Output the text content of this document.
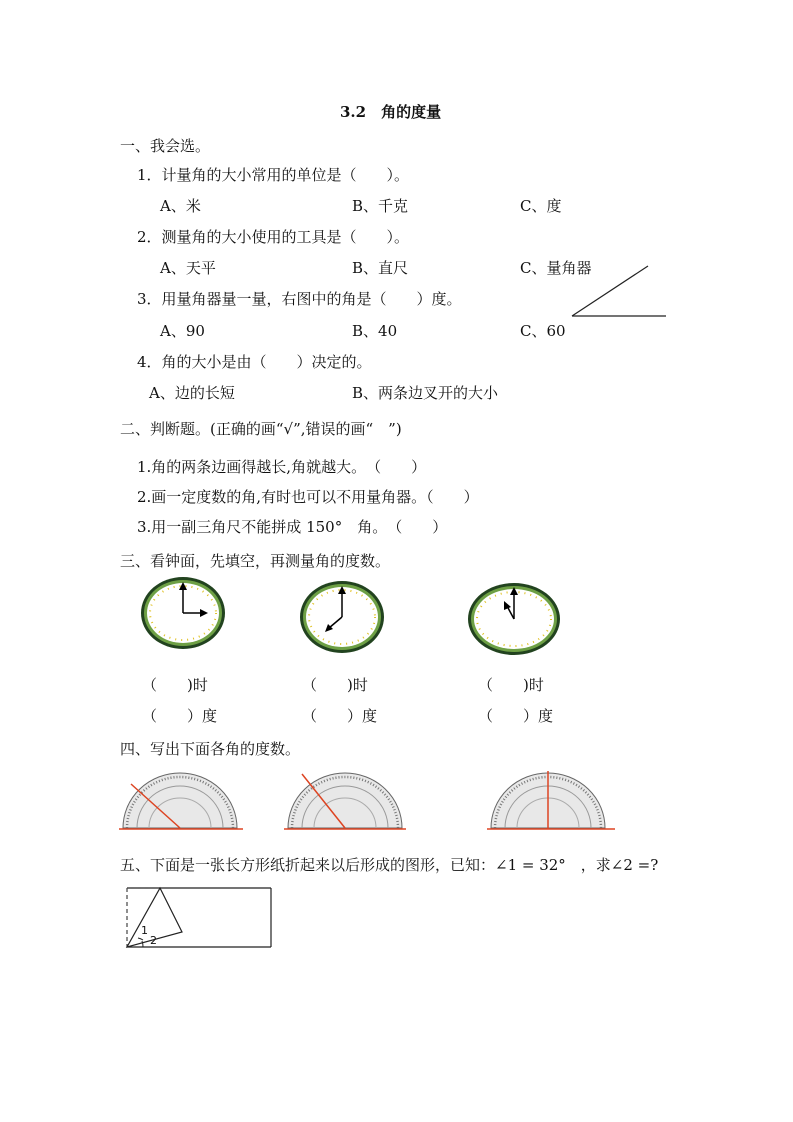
3.2　角的度量
一、我会选。
1．计量角的大小常用的单位是（　　）。
A、米	B、千克	C、度
2．测量角的大小使用的工具是（　　）。
A、天平	B、直尺	C、量角器
3．用量角器量一量，右图中的角是（　　）度。
A、90	B、40	C、60
4．角的大小是由（　　）决定的。
A、边的长短	B、两条边叉开的大小
二、判断题。(正确的画“√”,错误的画“　”)
1.角的两条边画得越长,角就越大。　（　　）
2.画一定度数的角,有时也可以不用量角器。（　　）
3.用一副三角尺不能拼成 150°　角。　（　　）
三、看钟面，先填空，再测量角的度数。
（　　)时	（　　)时	（　　)时
（　　）度	（　　）度	（　　）度
四、写出下面各角的度数。
五、下面是一张长方形纸折起来以后形成的图形，已知：∠1 = 32°　，求∠2 =?
1
2
